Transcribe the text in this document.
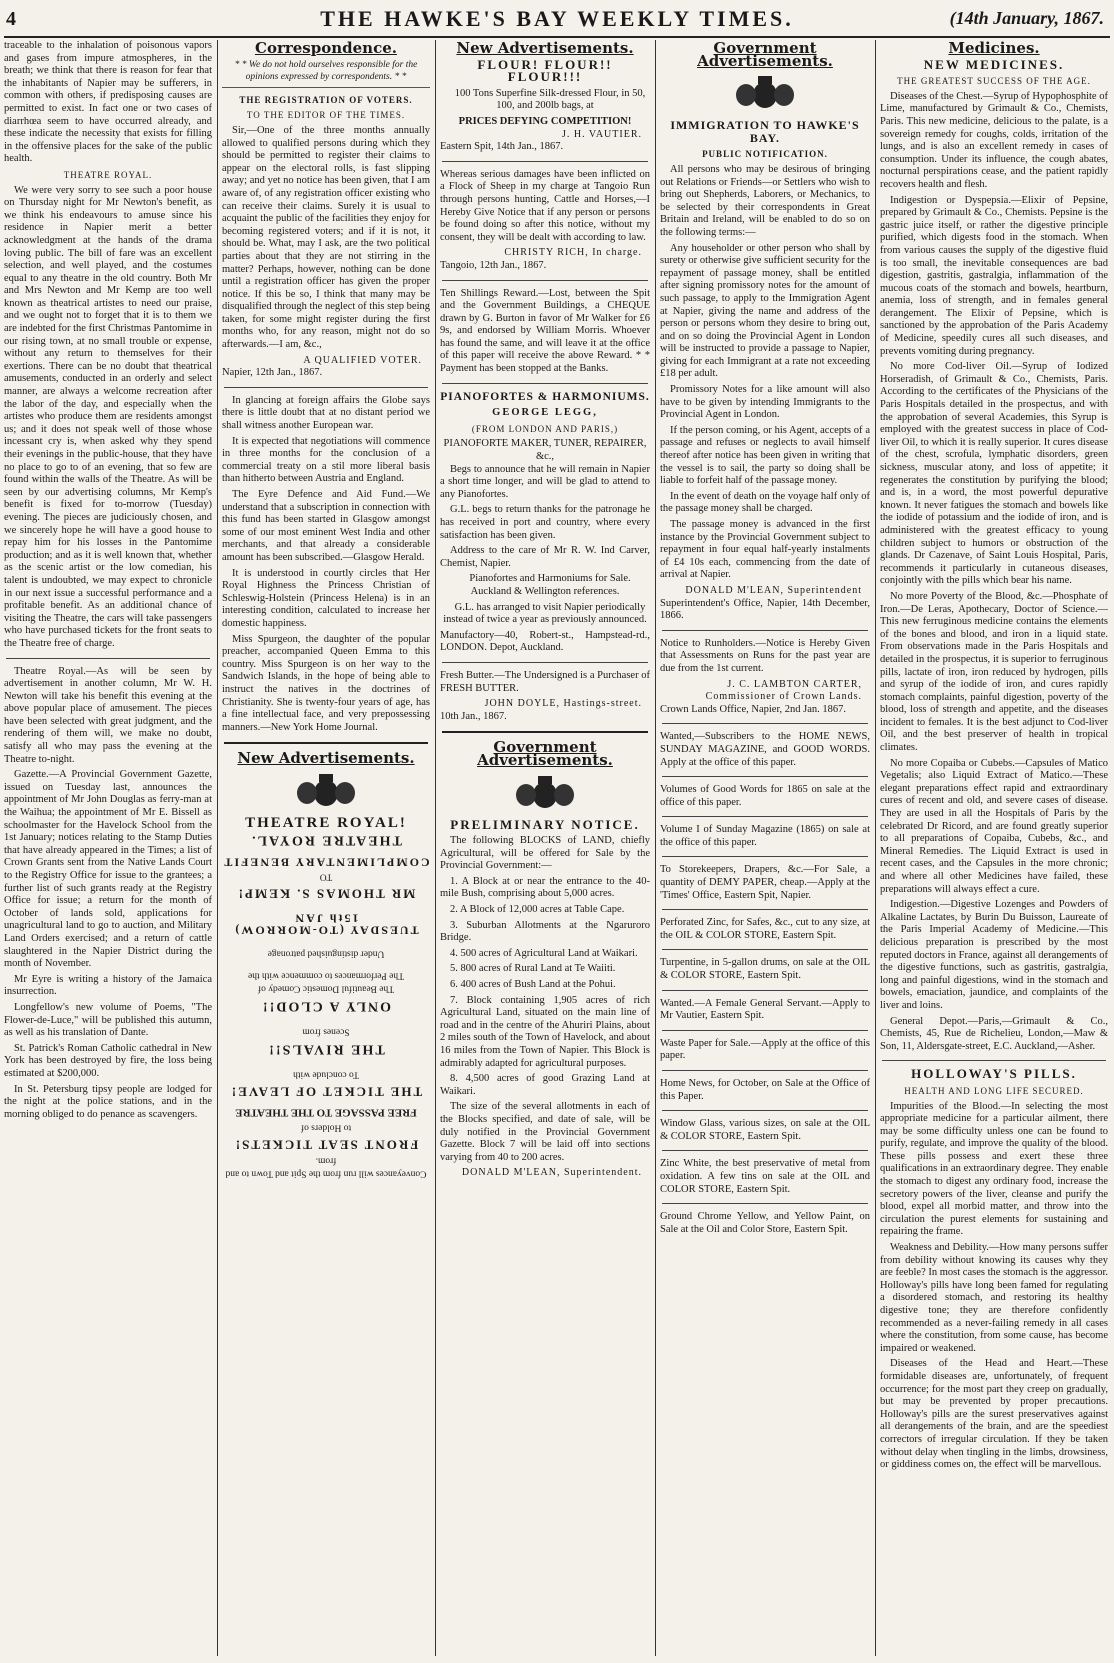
4	THE HAWKE'S BAY WEEKLY TIMES.	(14th January, 1867.

traceable to the inhalation of poisonous vapors and gases from impure atmospheres, in the breath; we think that there is reason for fear that the inhabitants of Napier may be sufferers, in common with others, if predisposing causes are permitted to exist. In fact one or two cases of diarrhœa seem to have occurred already, and these indicate the necessity that exists for filling in the offensive places for the sake of the public health.

THEATRE ROYAL.

We were very sorry to see such a poor house on Thursday night for Mr Newton's benefit, as we think his endeavours to amuse since his residence in Napier merit a better acknowledgment at the hands of the drama loving public. The bill of fare was an excellent selection, and well played, and the costumes equal to any theatre in the old country. Both Mr and Mrs Newton and Mr Kemp are too well known as theatrical artistes to need our praise, and we ought not to forget that it is to them we are indebted for the first Christmas Pantomime in our rising town, at no small trouble or expense, without any return to themselves for their exertions. There can be no doubt that theatrical amusements, conducted in an orderly and select manner, are always a welcome recreation after the labor of the day, and especially when the artistes who produce them are residents amongst us; and it does not speak well of those whose incessant cry is, when asked why they spend their evenings in the public-house, that they have no place to go to of an evening, that so few are found within the walls of the Theatre. As will be seen by our advertising columns, Mr Kemp's benefit is fixed for to-morrow (Tuesday) evening. The pieces are judiciously chosen, and we sincerely hope he will have a good house to repay him for his losses in the Pantomime production; and as it is well known that, whether as the scenic artist or the low comedian, his talent is undoubted, we may expect to chronicle in our next issue a successful performance and a profitable benefit. As an additional chance of visiting the Theatre, the cars will take passengers who have purchased tickets for the front seats to the Theatre free of charge.

Theatre Royal.—As will be seen by advertisement in another column, Mr W. H. Newton will take his benefit this evening at the above popular place of amusement. The pieces have been selected with great judgment, and the rendering of them will, we make no doubt, satisfy all who may pass the evening at the Theatre to-night.

Gazette.—A Provincial Government Gazette, issued on Tuesday last, announces the appointment of Mr John Douglas as ferry-man at the Waihua; the appointment of Mr E. Bissell as schoolmaster for the Havelock School from the 1st January; notices relating to the Stamp Duties that have already appeared in the Times; a list of Crown Grants sent from the Native Lands Court to the Registry Office for issue to the grantees; a further list of such grants ready at the Registry Office for issue; a return for the month of October of lands sold, applications for unagricultural land to go to auction, and Military Land Orders exercised; and a return of cattle slaughtered in the Napier District during the month of November.

Mr Eyre is writing a history of the Jamaica insurrection.

Longfellow's new volume of Poems, "The Flower-de-Luce," will be published this autumn, as well as his translation of Dante.

St. Patrick's Roman Catholic cathedral in New York has been destroyed by fire, the loss being estimated at $200,000.

In St. Petersburg tipsy people are lodged for the night at the police stations, and in the morning obliged to do penance as scavengers.

Correspondence.
* * We do not hold ourselves responsible for the opinions expressed by correspondents. * *
THE REGISTRATION OF VOTERS.
TO THE EDITOR OF THE TIMES.

Sir,—One of the three months annually allowed to qualified persons during which they should be permitted to register their claims to appear on the electoral rolls, is fast slipping away; and yet no notice has been given, that I am aware of, of any registration officer existing who can receive their claims. Surely it is usual to acquaint the public of the facilities they enjoy for becoming registered voters; and if it is not, it should be. What, may I ask, are the two political parties about that they are not stirring in the matter? Perhaps, however, nothing can be done until a registration officer has given the proper notice. If this be so, I think that many may be disqualified through the neglect of this step being taken, for some might register during the first months who, for any reason, might not do so afterwards.—I am, &c.,

A QUALIFIED VOTER.

Napier, 12th Jan., 1867.

In glancing at foreign affairs the Globe says there is little doubt that at no distant period we shall witness another European war.

It is expected that negotiations will commence in three months for the conclusion of a commercial treaty on a stil more liberal basis than hitherto between Austria and England.

The Eyre Defence and Aid Fund.—We understand that a subscription in connection with this fund has been started in Glasgow amongst some of our most eminent West India and other merchants, and that already a considerable amount has been subscribed.—Glasgow Herald.

It is understood in courtly circles that Her Royal Highness the Princess Christian of Schleswig-Holstein (Princess Helena) is in an interesting condition, calculated to increase her domestic happiness.

Miss Spurgeon, the daughter of the popular preacher, accompanied Queen Emma to this country. Miss Spurgeon is on her way to the Sandwich Islands, in the hope of being able to instruct the natives in the doctrines of Christianity. She is twenty-four years of age, has a fine intellectual face, and very prepossessing manners.—New York Home Journal.

New Advertisements.
THEATRE ROYAL!
Conveyances will run from the Spit and Town to and from.
FRONT SEAT TICKETS!
to Holders of
FREE PASSAGE TO THE THEATRE
THE TICKET OF LEAVE!
To conclude with
THE RIVALS!!
Scenes from
ONLY A CLOD!!
The Beautiful Domestic Comedy of
The Performances to commence with the
Under distinguished patronage
TUESDAY (TO-MORROW) 15th JAN
MR THOMAS S. KEMP!
TO
COMPLIMENTARY BENEFIT
THEATRE ROYAL.
New Advertisements.
FLOUR! FLOUR!! FLOUR!!!

100 Tons Superfine Silk-dressed Flour, in 50, 100, and 200lb bags, at

PRICES DEFYING COMPETITION!
J. H. VAUTIER.

Eastern Spit, 14th Jan., 1867.

Whereas serious damages have been inflicted on a Flock of Sheep in my charge at Tangoio Run through persons hunting, Cattle and Horses,—I Hereby Give Notice that if any person or persons be found doing so after this notice, without my consent, they will be dealt with according to law.

CHRISTY RICH, In charge.

Tangoio, 12th Jan., 1867.

Ten Shillings Reward.—Lost, between the Spit and the Government Buildings, a CHEQUE drawn by G. Burton in favor of Mr Walker for £6 9s, and endorsed by William Morris. Whoever has found the same, and will leave it at the office of this paper will receive the above Reward. * * Payment has been stopped at the Banks.

PIANOFORTES & HARMONIUMS.
GEORGE LEGG,
(FROM LONDON AND PARIS,)
PIANOFORTE MAKER, TUNER, REPAIRER, &c.,

Begs to announce that he will remain in Napier a short time longer, and will be glad to attend to any Pianofortes.

G.L. begs to return thanks for the patronage he has received in port and country, where every satisfaction has been given.

Address to the care of Mr R. W. Ind Carver, Chemist, Napier.

Pianofortes and Harmoniums for Sale. Auckland & Wellington references.

G.L. has arranged to visit Napier periodically instead of twice a year as previously announced.

Manufactory—40, Robert-st., Hampstead-rd., LONDON. Depot, Auckland.

Fresh Butter.—The Undersigned is a Purchaser of FRESH BUTTER.

JOHN DOYLE, Hastings-street.

10th Jan., 1867.

Government Advertisements.
PRELIMINARY NOTICE.

The following BLOCKS of LAND, chiefly Agricultural, will be offered for Sale by the Provincial Government:—

1. A Block at or near the entrance to the 40-mile Bush, comprising about 5,000 acres.

2. A Block of 12,000 acres at Table Cape.

3. Suburban Allotments at the Ngaruroro Bridge.

4. 500 acres of Agricultural Land at Waikari.

5. 800 acres of Rural Land at Te Waiiti.

6. 400 acres of Bush Land at the Pohui.

7. Block containing 1,905 acres of rich Agricultural Land, situated on the main line of road and in the centre of the Ahuriri Plains, about 2 miles south of the Town of Havelock, and about 16 miles from the Town of Napier. This Block is admirably adapted for agricultural purposes.

8. 4,500 acres of good Grazing Land at Waikari.

The size of the several allotments in each of the Blocks specified, and date of sale, will be duly notified in the Provincial Government Gazette. Block 7 will be laid off into sections varying from 40 to 200 acres.

DONALD M'LEAN, Superintendent.
Government Advertisements.
IMMIGRATION TO HAWKE'S BAY.
PUBLIC NOTIFICATION.

All persons who may be desirous of bringing out Relations or Friends—or Settlers who wish to bring out Shepherds, Laborers, or Mechanics, to be selected by their correspondents in Great Britain and Ireland, will be enabled to do so on the following terms:—

Any householder or other person who shall by surety or otherwise give sufficient security for the repayment of passage money, shall be entitled after signing promissory notes for the amount of such passage, to apply to the Immigration Agent at Napier, giving the name and address of the person or persons whom they desire to bring out, and on so doing the Provincial Agent in London will be instructed to provide a passage to Napier, giving for each Immigrant at a rate not exceeding £18 per adult.

Promissory Notes for a like amount will also have to be given by intending Immigrants to the Provincial Agent in London.

If the person coming, or his Agent, accepts of a passage and refuses or neglects to avail himself thereof after notice has been given in writing that the vessel is to sail, the party so doing shall be liable to forfeit half of the passage money.

In the event of death on the voyage half only of the passage money shall be charged.

The passage money is advanced in the first instance by the Provincial Government subject to repayment in four equal half-yearly instalments of £4 10s each, commencing from the date of arrival at Napier.

DONALD M'LEAN, Superintendent

Superintendent's Office, Napier, 14th December, 1866.

Notice to Runholders.—Notice is Hereby Given that Assessments on Runs for the past year are due from the 1st current.

J. C. LAMBTON CARTER, Commissioner of Crown Lands.

Crown Lands Office, Napier, 2nd Jan. 1867.

Wanted,—Subscribers to the HOME NEWS, SUNDAY MAGAZINE, and GOOD WORDS. Apply at the office of this paper.

Volumes of Good Words for 1865 on sale at the office of this paper.

Volume I of Sunday Magazine (1865) on sale at the office of this paper.

To Storekeepers, Drapers, &c.—For Sale, a quantity of DEMY PAPER, cheap.—Apply at the 'Times' Office, Eastern Spit, Napier.

Perforated Zinc, for Safes, &c., cut to any size, at the OIL & COLOR STORE, Eastern Spit.

Turpentine, in 5-gallon drums, on sale at the OIL & COLOR STORE, Eastern Spit.

Wanted.—A Female General Servant.—Apply to Mr Vautier, Eastern Spit.

Waste Paper for Sale.—Apply at the office of this paper.

Home News, for October, on Sale at the Office of this Paper.

Window Glass, various sizes, on sale at the OIL & COLOR STORE, Eastern Spit.

Zinc White, the best preservative of metal from oxidation. A few tins on sale at the OIL and COLOR STORE, Eastern Spit.

Ground Chrome Yellow, and Yellow Paint, on Sale at the Oil and Color Store, Eastern Spit.

Medicines.
NEW MEDICINES.
THE GREATEST SUCCESS OF THE AGE.

Diseases of the Chest.—Syrup of Hypophosphite of Lime, manufactured by Grimault & Co., Chemists, Paris. This new medicine, delicious to the palate, is a sovereign remedy for coughs, colds, irritation of the lungs, and is also an excellent remedy in cases of consumption. Under its influence, the cough abates, nocturnal perspirations cease, and the patient rapidly recovers health and flesh.

Indigestion or Dyspepsia.—Elixir of Pepsine, prepared by Grimault & Co., Chemists. Pepsine is the gastric juice itself, or rather the digestive principle purified, which digests food in the stomach. When from various causes the supply of the digestive fluid is too small, the inevitable consequences are bad digestion, gastritis, gastralgia, inflammation of the mucous coats of the stomach and bowels, heartburn, anemia, loss of strength, and in females general derangement. The Elixir of Pepsine, which is sanctioned by the approbation of the Paris Academy of Medicine, speedily cures all such diseases, and prevents vomiting during pregnancy.

No more Cod-liver Oil.—Syrup of Iodized Horseradish, of Grimault & Co., Chemists, Paris. According to the certificates of the Physicians of the Paris Hospitals detailed in the prospectus, and with the approbation of several Academies, this Syrup is employed with the greatest success in place of Cod-liver Oil, to which it is really superior. It cures disease of the chest, scrofula, lymphatic disorders, green sickness, muscular atony, and loss of appetite; it regenerates the constitution by purifying the blood; and is, in a word, the most powerful depurative known. It never fatigues the stomach and bowels like the iodide of potassium and the iodide of iron, and is administered with the greatest efficacy to young children subject to humors or obstruction of the glands. Dr Cazenave, of Saint Louis Hospital, Paris, recommends it particularly in cutaneous diseases, conjointly with the pills which bear his name.

No more Poverty of the Blood, &c.—Phosphate of Iron.—De Leras, Apothecary, Doctor of Science.—This new ferruginous medicine contains the elements of the bones and blood, and iron in a liquid state. From observations made in the Paris Hospitals and detailed in the prospectus, it is superior to ferruginous pills, lactate of iron, iron reduced by hydrogen, pills and syrup of the iodide of iron, and cures rapidly stomach complaints, painful digestion, poverty of the blood, loss of strength and appetite, and the diseases incident to females. It is the best adjunct to Cod-liver Oil, and the best preserver of health in tropical climates.

No more Copaiba or Cubebs.—Capsules of Matico Vegetalis; also Liquid Extract of Matico.—These elegant preparations effect rapid and extraordinary cures of recent and old, and severe cases of disease. They are used in all the Hospitals of Paris by the celebrated Dr Ricord, and are found greatly superior to all preparations of Copaiba, Cubebs, &c., and Mineral Remedies. The Liquid Extract is used in recent cases, and the Capsules in the more chronic; and where all other Medicines have failed, these preparations will always effect a cure.

Indigestion.—Digestive Lozenges and Powders of Alkaline Lactates, by Burin Du Buisson, Laureate of the Paris Imperial Academy of Medicine.—This delicious preparation is prescribed by the most reputed doctors in France, against all derangements of the digestive functions, such as gastritis, gastralgia, long and painful digestions, wind in the stomach and bowels, emaciation, jaundice, and complaints of the liver and loins.

General Depot.—Paris,—Grimault & Co., Chemists, 45, Rue de Richelieu, London,—Maw & Son, 11, Aldersgate-street, E.C. Auckland,—Asher.

HOLLOWAY'S PILLS.
HEALTH AND LONG LIFE SECURED.

Impurities of the Blood.—In selecting the most appropriate medicine for a particular ailment, there may be some difficulty unless one can be found to purify, regulate, and improve the quality of the blood. These pills possess and exert these three qualifications in an extraordinary degree. They enable the stomach to digest any ordinary food, increase the secretory powers of the liver, cleanse and purify the blood, expel all morbid matter, and throw into the circulation the purest elements for sustaining and repairing the frame.

Weakness and Debility.—How many persons suffer from debility without knowing its causes why they are feeble? In most cases the stomach is the aggressor. Holloway's pills have long been famed for regulating a disordered stomach, and restoring its healthy digestive tone; they are therefore confidently recommended as a never-failing remedy in all cases where the constitution, from some cause, has become impaired or weakened.

Diseases of the Head and Heart.—These formidable diseases are, unfortunately, of frequent occurrence; for the most part they creep on gradually, but may be prevented by proper precautions. Holloway's pills are the surest preservatives against all derangements of the brain, and are the speediest correctors of irregular circulation. If they be taken without delay when tingling in the limbs, drowsiness, or giddiness comes on, the effect will be marvellous.
